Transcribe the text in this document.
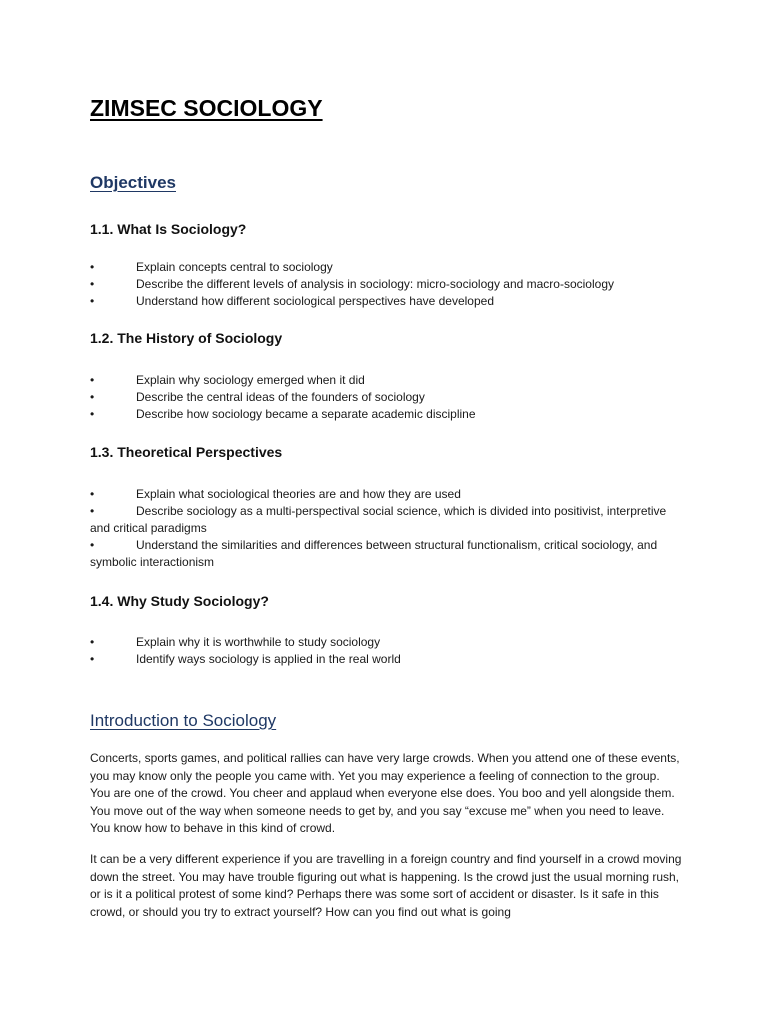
ZIMSEC SOCIOLOGY
Objectives
1.1. What Is Sociology?
•	Explain concepts central to sociology
•	Describe the different levels of analysis in sociology: micro-sociology and macro-sociology
•	Understand how different sociological perspectives have developed
1.2. The History of Sociology
•	Explain why sociology emerged when it did
•	Describe the central ideas of the founders of sociology
•	Describe how sociology became a separate academic discipline
1.3. Theoretical Perspectives
•	Explain what sociological theories are and how they are used
•	Describe sociology as a multi-perspectival social science, which is divided into positivist, interpretive and critical paradigms
•	Understand the similarities and differences between structural functionalism, critical sociology, and symbolic interactionism
1.4. Why Study Sociology?
•	Explain why it is worthwhile to study sociology
•	Identify ways sociology is applied in the real world
Introduction to Sociology

Concerts, sports games, and political rallies can have very large crowds. When you attend one of these events, you may know only the people you came with. Yet you may experience a feeling of connection to the group. You are one of the crowd. You cheer and applaud when everyone else does. You boo and yell alongside them. You move out of the way when someone needs to get by, and you say “excuse me” when you need to leave. You know how to behave in this kind of crowd.

It can be a very different experience if you are travelling in a foreign country and find yourself in a crowd moving down the street. You may have trouble figuring out what is happening. Is the crowd just the usual morning rush, or is it a political protest of some kind? Perhaps there was some sort of accident or disaster. Is it safe in this crowd, or should you try to extract yourself? How can you find out what is going
